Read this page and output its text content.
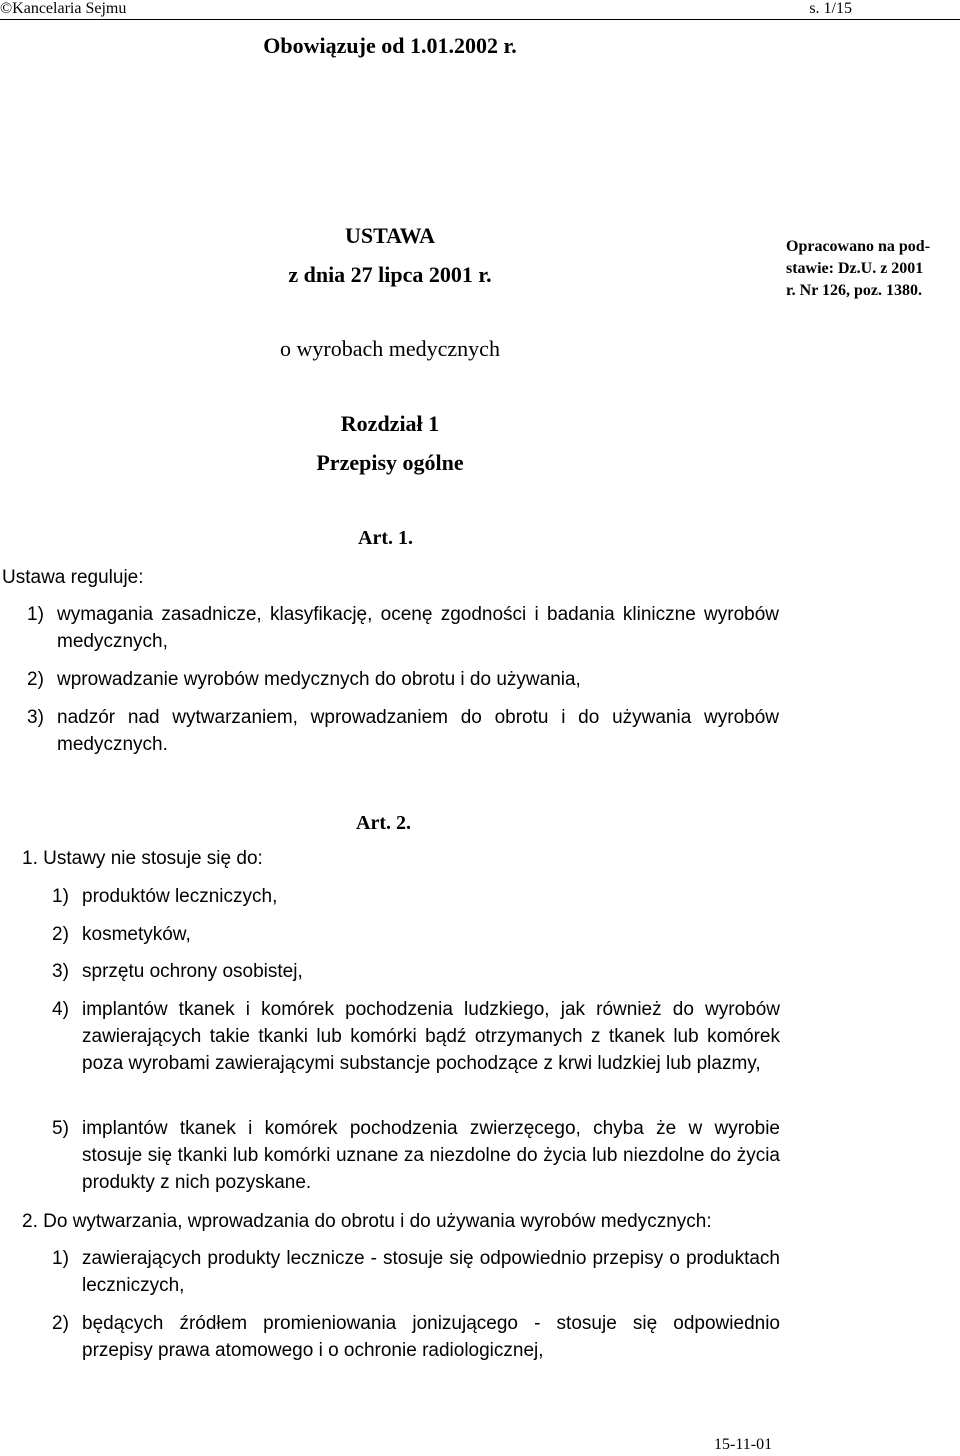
©Kancelaria Sejmu	s. 1/15
Obowiązuje od 1.01.2002 r.
USTAWA
z dnia 27 lipca 2001 r.
o wyrobach medycznych
Opracowano na pod-
stawie: Dz.U. z 2001
r. Nr 126, poz. 1380.
Rozdział 1
Przepisy ogólne
Art. 1.
Ustawa reguluje:
1) wymagania zasadnicze, klasyfikację, ocenę zgodności i badania kliniczne wyrobów medycznych,
2) wprowadzanie wyrobów medycznych do obrotu i do używania,
3) nadzór nad wytwarzaniem, wprowadzaniem do obrotu i do używania wyrobów medycznych.
Art. 2.
1. Ustawy nie stosuje się do:
1) produktów leczniczych,
2) kosmetyków,
3) sprzętu ochrony osobistej,
4) implantów tkanek i komórek pochodzenia ludzkiego, jak również do wyrobów zawierających takie tkanki lub komórki bądź otrzymanych z tkanek lub komórek poza wyrobami zawierającymi substancje pochodzące z krwi ludzkiej lub plazmy,
5) implantów tkanek i komórek pochodzenia zwierzęcego, chyba że w wyrobie stosuje się tkanki lub komórki uznane za niezdolne do życia lub niezdolne do życia produkty z nich pozyskane.
2. Do wytwarzania, wprowadzania do obrotu i do używania wyrobów medycznych:
1) zawierających produkty lecznicze - stosuje się odpowiednio przepisy o produktach leczniczych,
2) będących źródłem promieniowania jonizującego - stosuje się odpowiednio przepisy prawa atomowego i o ochronie radiologicznej,
15-11-01
